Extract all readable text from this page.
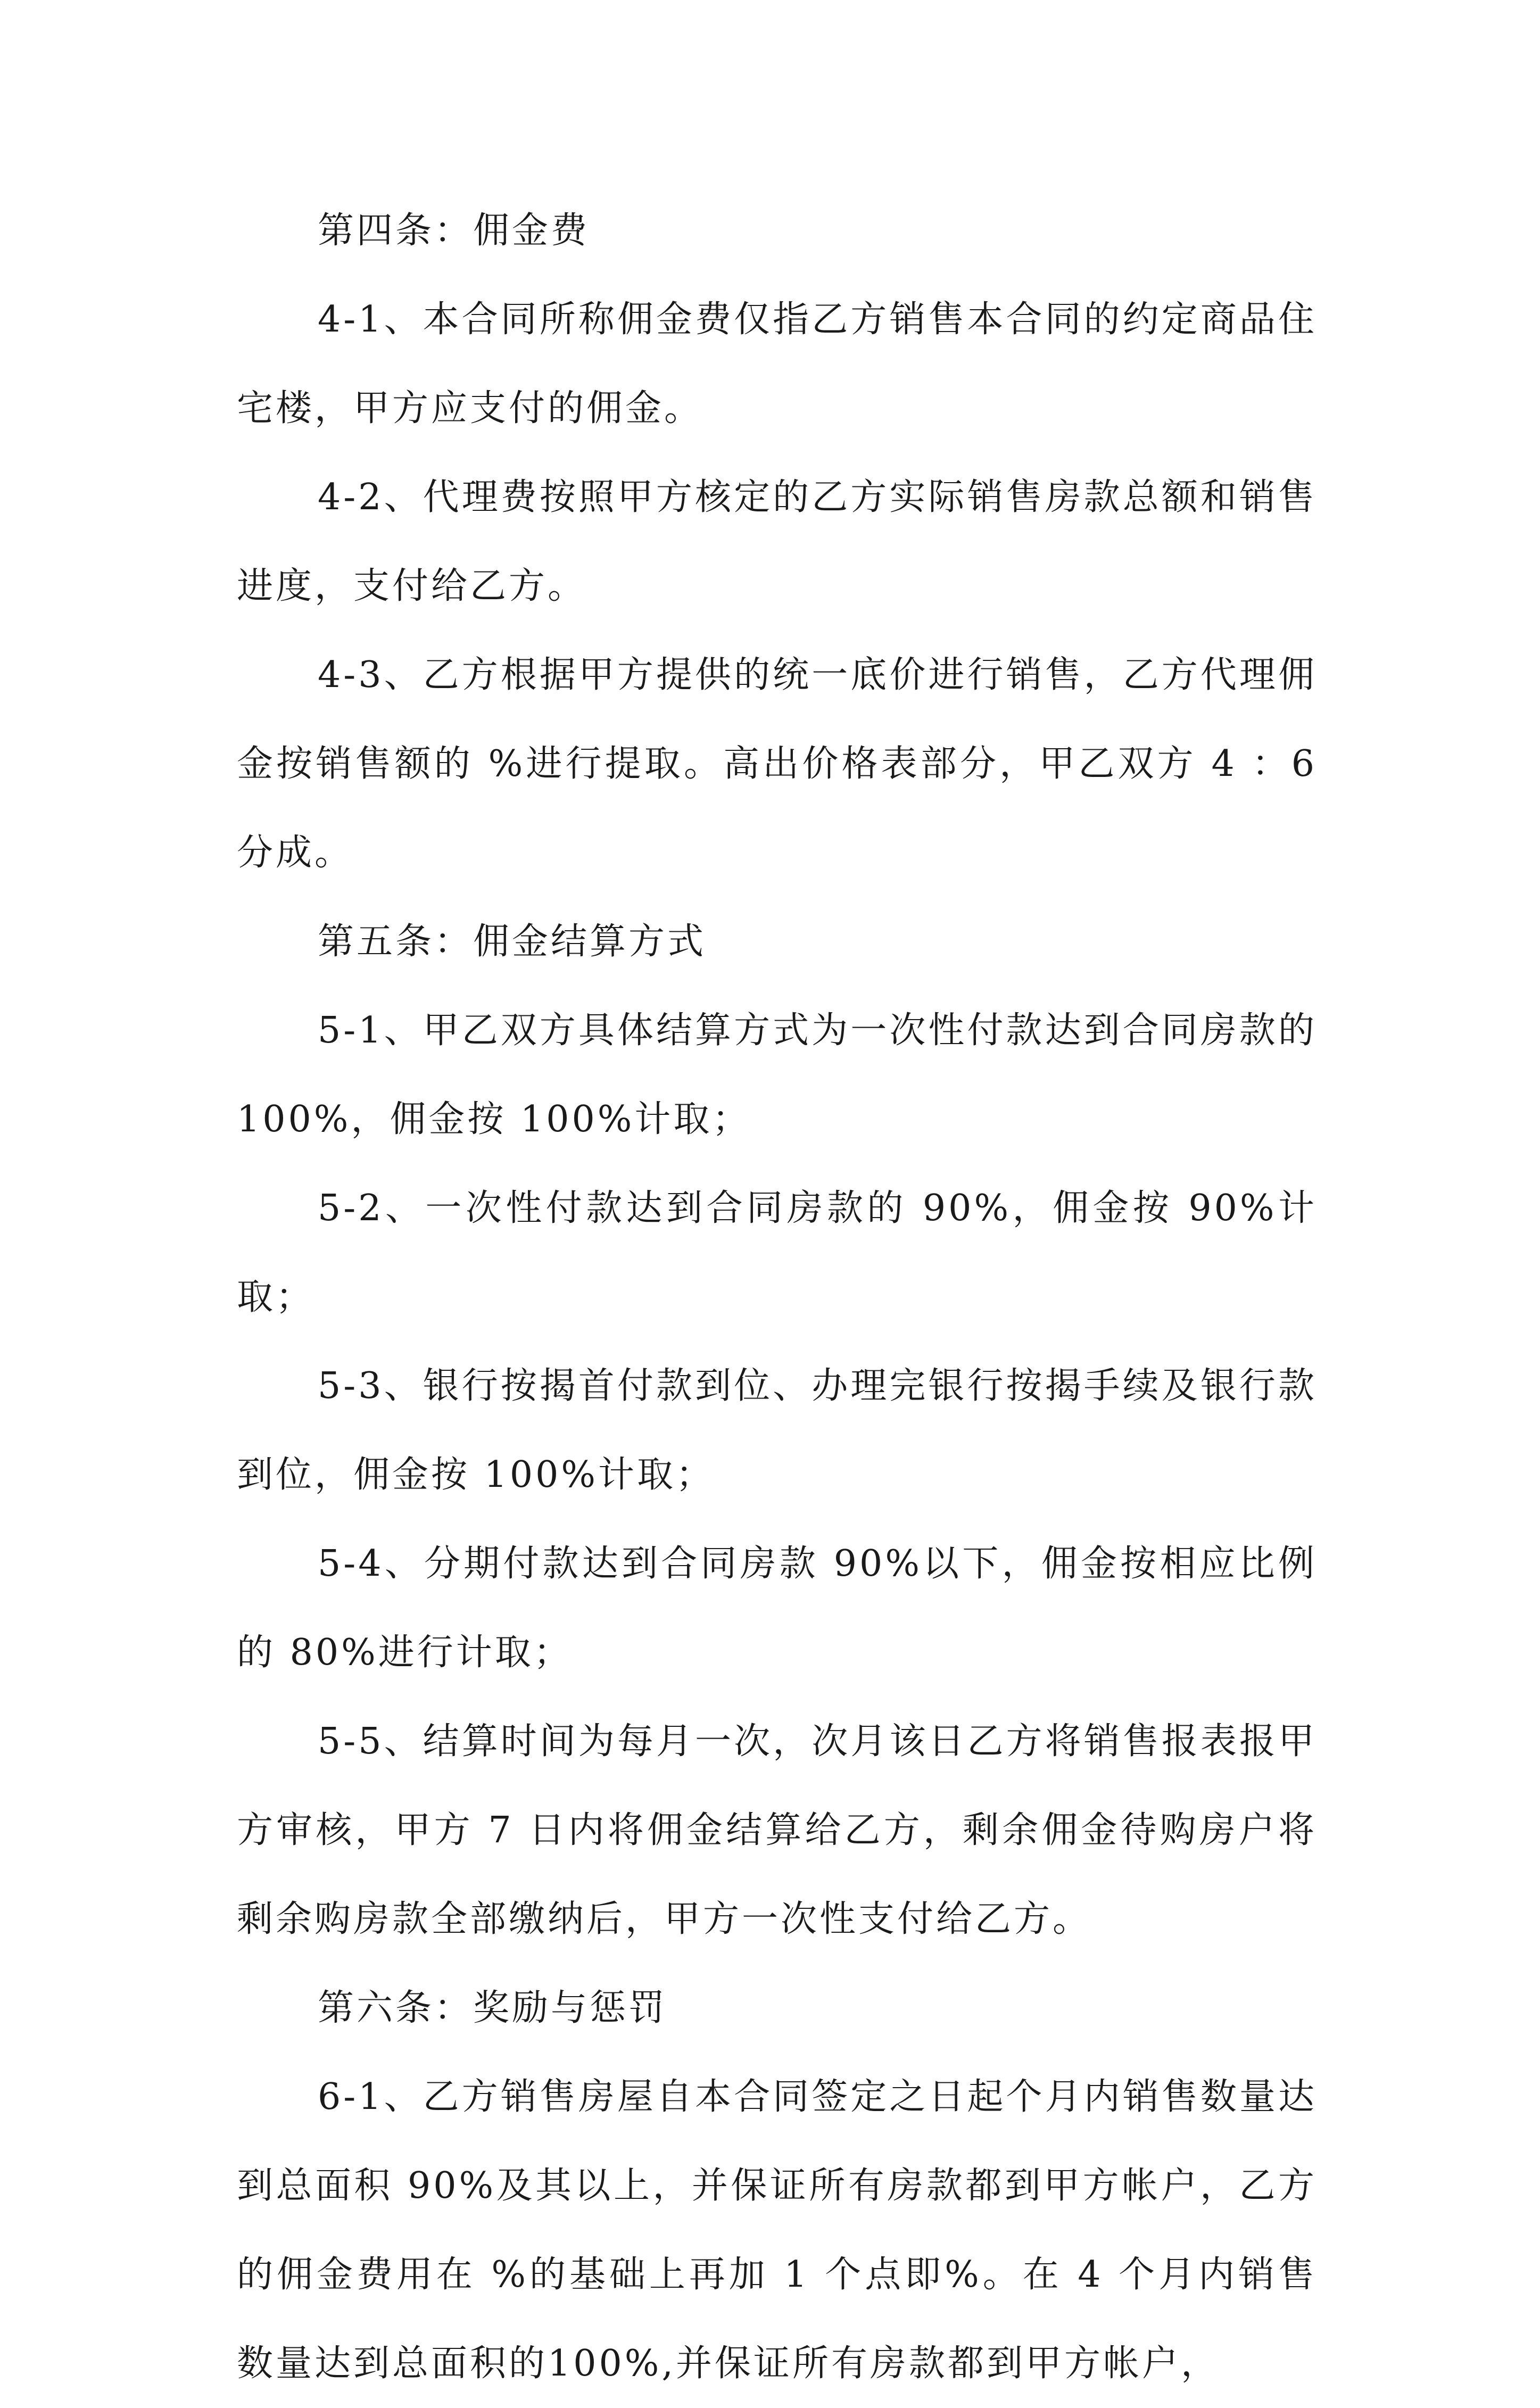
第四条：佣金费

4-1、本合同所称佣金费仅指乙方销售本合同的约定商品住宅楼，甲方应支付的佣金。

4-2、代理费按照甲方核定的乙方实际销售房款总额和销售进度，支付给乙方。

4-3、乙方根据甲方提供的统一底价进行销售，乙方代理佣金按销售额的 %进行提取。高出价格表部分，甲乙双方 4 ：6 分成。

第五条：佣金结算方式

5-1、甲乙双方具体结算方式为一次性付款达到合同房款的 100%，佣金按 100%计取；

5-2、一次性付款达到合同房款的 90%，佣金按 90%计取；

5-3、银行按揭首付款到位、办理完银行按揭手续及银行款到位，佣金按 100%计取；

5-4、分期付款达到合同房款 90%以下，佣金按相应比例的 80%进行计取；

5-5、结算时间为每月一次，次月该日乙方将销售报表报甲方审核，甲方 7 日内将佣金结算给乙方，剩余佣金待购房户将剩余购房款全部缴纳后，甲方一次性支付给乙方。

第六条：奖励与惩罚

6-1、乙方销售房屋自本合同签定之日起个月内销售数量达到总面积 90%及其以上，并保证所有房款都到甲方帐户，乙方的佣金费用在 %的基础上再加 1 个点即%。在 4 个月内销售数量达到总面积的100%,并保证所有房款都到甲方帐户，
